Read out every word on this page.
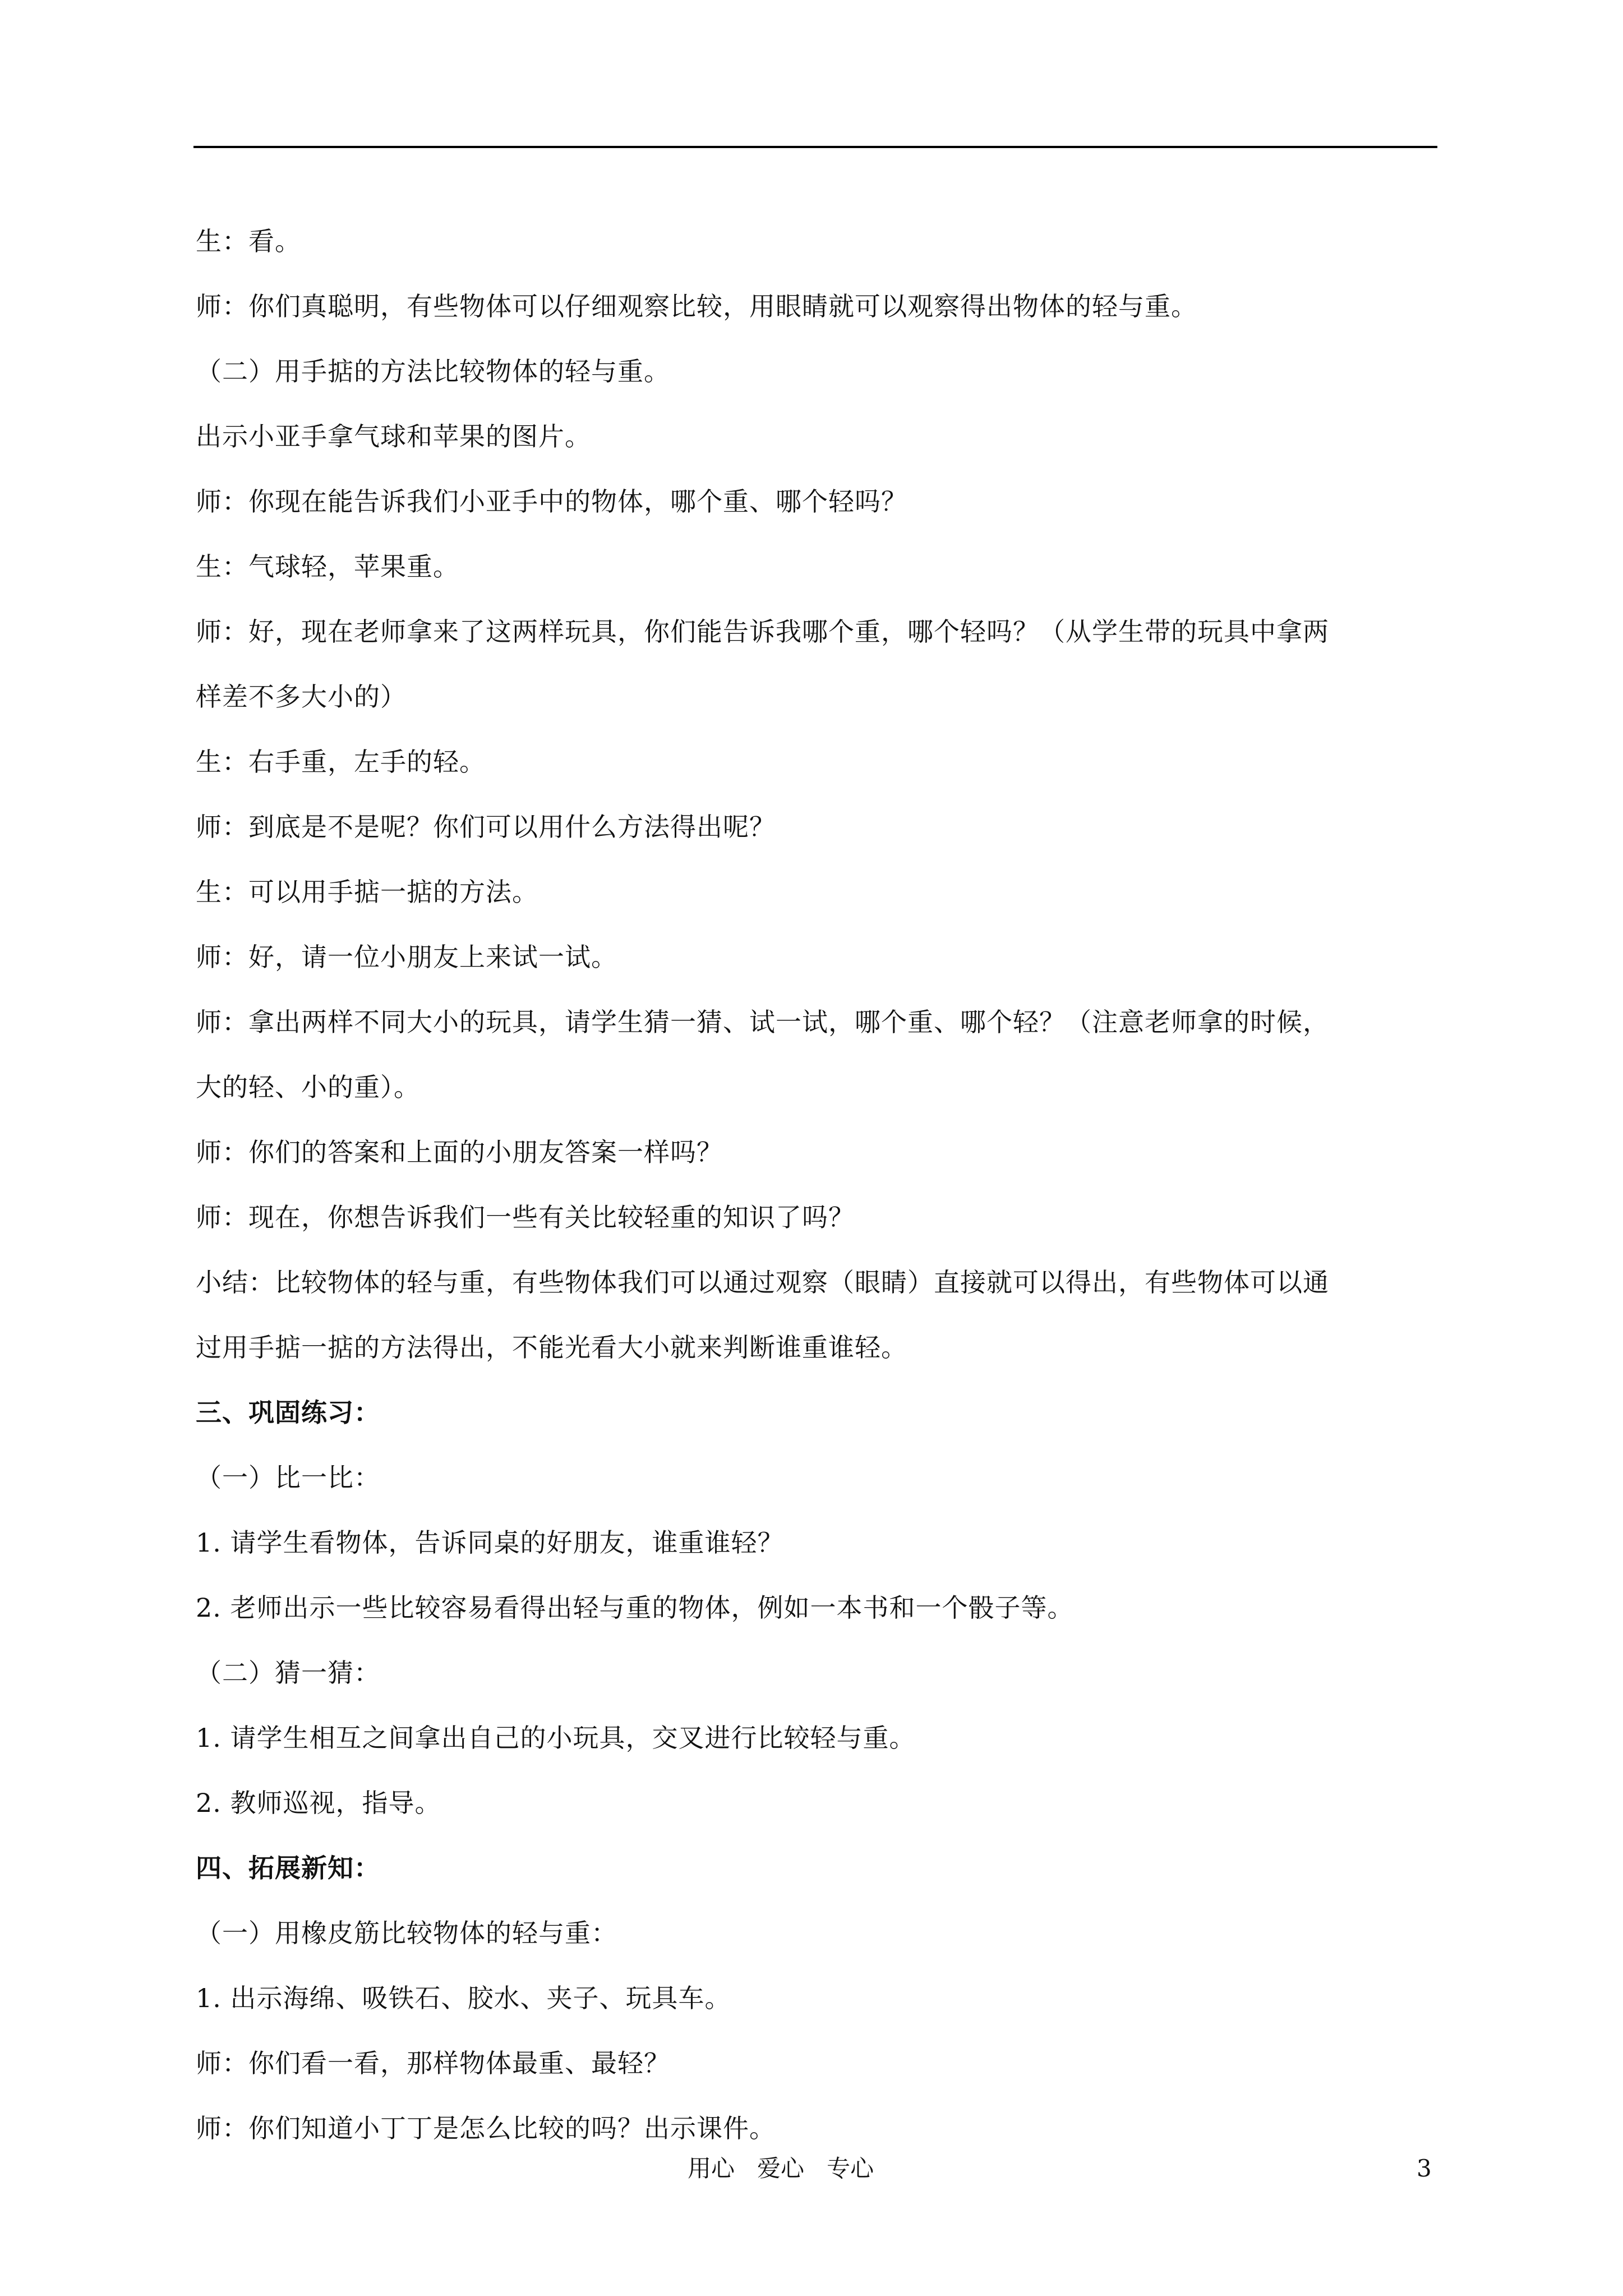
生：看。
师：你们真聪明，有些物体可以仔细观察比较，用眼睛就可以观察得出物体的轻与重。
（二）用手掂的方法比较物体的轻与重。
出示小亚手拿气球和苹果的图片。
师：你现在能告诉我们小亚手中的物体，哪个重、哪个轻吗？
生：气球轻，苹果重。
师：好，现在老师拿来了这两样玩具，你们能告诉我哪个重，哪个轻吗？（从学生带的玩具中拿两
样差不多大小的）
生：右手重，左手的轻。
师：到底是不是呢？你们可以用什么方法得出呢？
生：可以用手掂一掂的方法。
师：好，请一位小朋友上来试一试。
师：拿出两样不同大小的玩具，请学生猜一猜、试一试，哪个重、哪个轻？（注意老师拿的时候，
大的轻、小的重）。
师：你们的答案和上面的小朋友答案一样吗？
师：现在，你想告诉我们一些有关比较轻重的知识了吗？
小结：比较物体的轻与重，有些物体我们可以通过观察（眼睛）直接就可以得出，有些物体可以通
过用手掂一掂的方法得出，不能光看大小就来判断谁重谁轻。
三、巩固练习：
（一）比一比：
1. 请学生看物体，告诉同桌的好朋友，谁重谁轻？
2. 老师出示一些比较容易看得出轻与重的物体，例如一本书和一个骰子等。
（二）猜一猜：
1. 请学生相互之间拿出自己的小玩具，交叉进行比较轻与重。
2. 教师巡视，指导。
四、拓展新知：
（一）用橡皮筋比较物体的轻与重：
1. 出示海绵、吸铁石、胶水、夹子、玩具车。
师：你们看一看，那样物体最重、最轻？
师：你们知道小丁丁是怎么比较的吗？出示课件。
用心   爱心   专心	3
